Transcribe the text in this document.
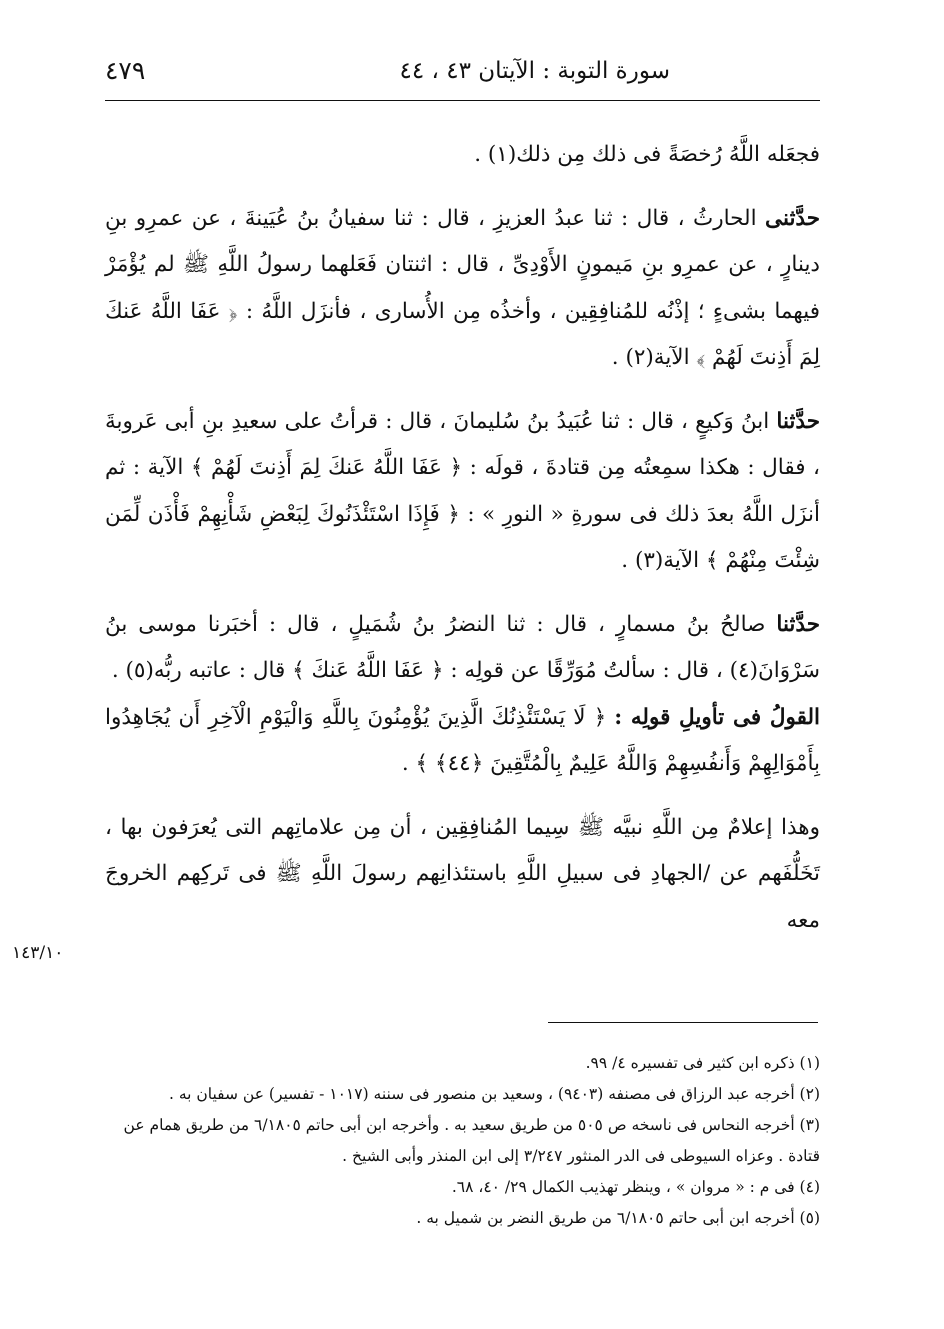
سورة التوبة : الآيتان ٤٣ ، ٤٤
٤٧٩

فجعَله اللَّهُ رُخصَةً فى ذلك مِن ذلك(١) .

حدَّثنى الحارثُ ، قال : ثنا عبدُ العزيزِ ، قال : ثنا سفيانُ بنُ عُيَينةَ ، عن عمرِو بنِ دينارٍ ، عن عمرِو بنِ مَيمونٍ الأَوْدِىِّ ، قال : اثنتان فَعَلهما رسولُ اللَّهِ ﷺ لم يُؤْمَرْ فيهما بشىءٍ ؛ إذْنُه للمُنافِقِين ، وأخذُه مِن الأُسارى ، فأنزَل اللَّهُ : ﴿ عَفَا اللَّهُ عَنكَ لِمَ أَذِنتَ لَهُمْ ﴾ الآية(٢) .

حدَّثنا ابنُ وَكيعٍ ، قال : ثنا عُبَيدُ بنُ سُليمانَ ، قال : قرأتُ على سعيدِ بنِ أبى عَروبةَ ، فقال : هكذا سمِعتُه مِن قتادةَ ، قولَه : ﴿ عَفَا اللَّهُ عَنكَ لِمَ أَذِنتَ لَهُمْ ﴾ الآية : ثم أنزَل اللَّهُ بعدَ ذلك فى سورةِ « النورِ » : ﴿ فَإِذَا اسْتَئْذَنُوكَ لِبَعْضِ شَأْنِهِمْ فَأْذَن لِّمَن شِئْتَ مِنْهُمْ ﴾ الآية(٣) .

حدَّثنا صالحُ بنُ مسمارٍ ، قال : ثنا النضرُ بنُ شُمَيلٍ ، قال : أخبَرنا موسى بنُ سَرْوَانَ(٤) ، قال : سألتُ مُوَرِّقًا عن قولِه : ﴿ عَفَا اللَّهُ عَنكَ ﴾ قال : عاتبه ربُّه(٥) .

القولُ فى تأويلِ قولِه : ﴿ لَا يَسْتَئْذِنُكَ الَّذِينَ يُؤْمِنُونَ بِاللَّهِ وَالْيَوْمِ الْآخِرِ أَن يُجَاهِدُوا بِأَمْوَالِهِمْ وَأَنفُسِهِمْ وَاللَّهُ عَلِيمٌ بِالْمُتَّقِينَ ﴿٤٤﴾ ﴾ .

وهذا إعلامٌ مِن اللَّهِ نبيَّه ﷺ سِيما المُنافِقِين ، أن مِن علاماتِهم التى يُعرَفون بها ، تَخَلُّفَهم عن /الجهادِ فى سبيلِ اللَّهِ باستئذانِهم رسولَ اللَّهِ ﷺ فى تَركِهم الخروجَ معه

١٤٣/١٠

(١) ذكره ابن كثير فى تفسيره ٤/ ٩٩.

(٢) أخرجه عبد الرزاق فى مصنفه (٩٤٠٣) ، وسعيد بن منصور فى سننه (١٠١٧ - تفسير) عن سفيان به .

(٣) أخرجه النحاس فى ناسخه ص ٥٠٥ من طريق سعيد به . وأخرجه ابن أبى حاتم ٦/١٨٠٥ من طريق همام عن قتادة . وعزاه السيوطى فى الدر المنثور ٣/٢٤٧ إلى ابن المنذر وأبى الشيخ .

(٤) فى م : « مروان » ، وينظر تهذيب الكمال ٢٩/ ٤٠، ٦٨.

(٥) أخرجه ابن أبى حاتم ٦/١٨٠٥ من طريق النضر بن شميل به .
